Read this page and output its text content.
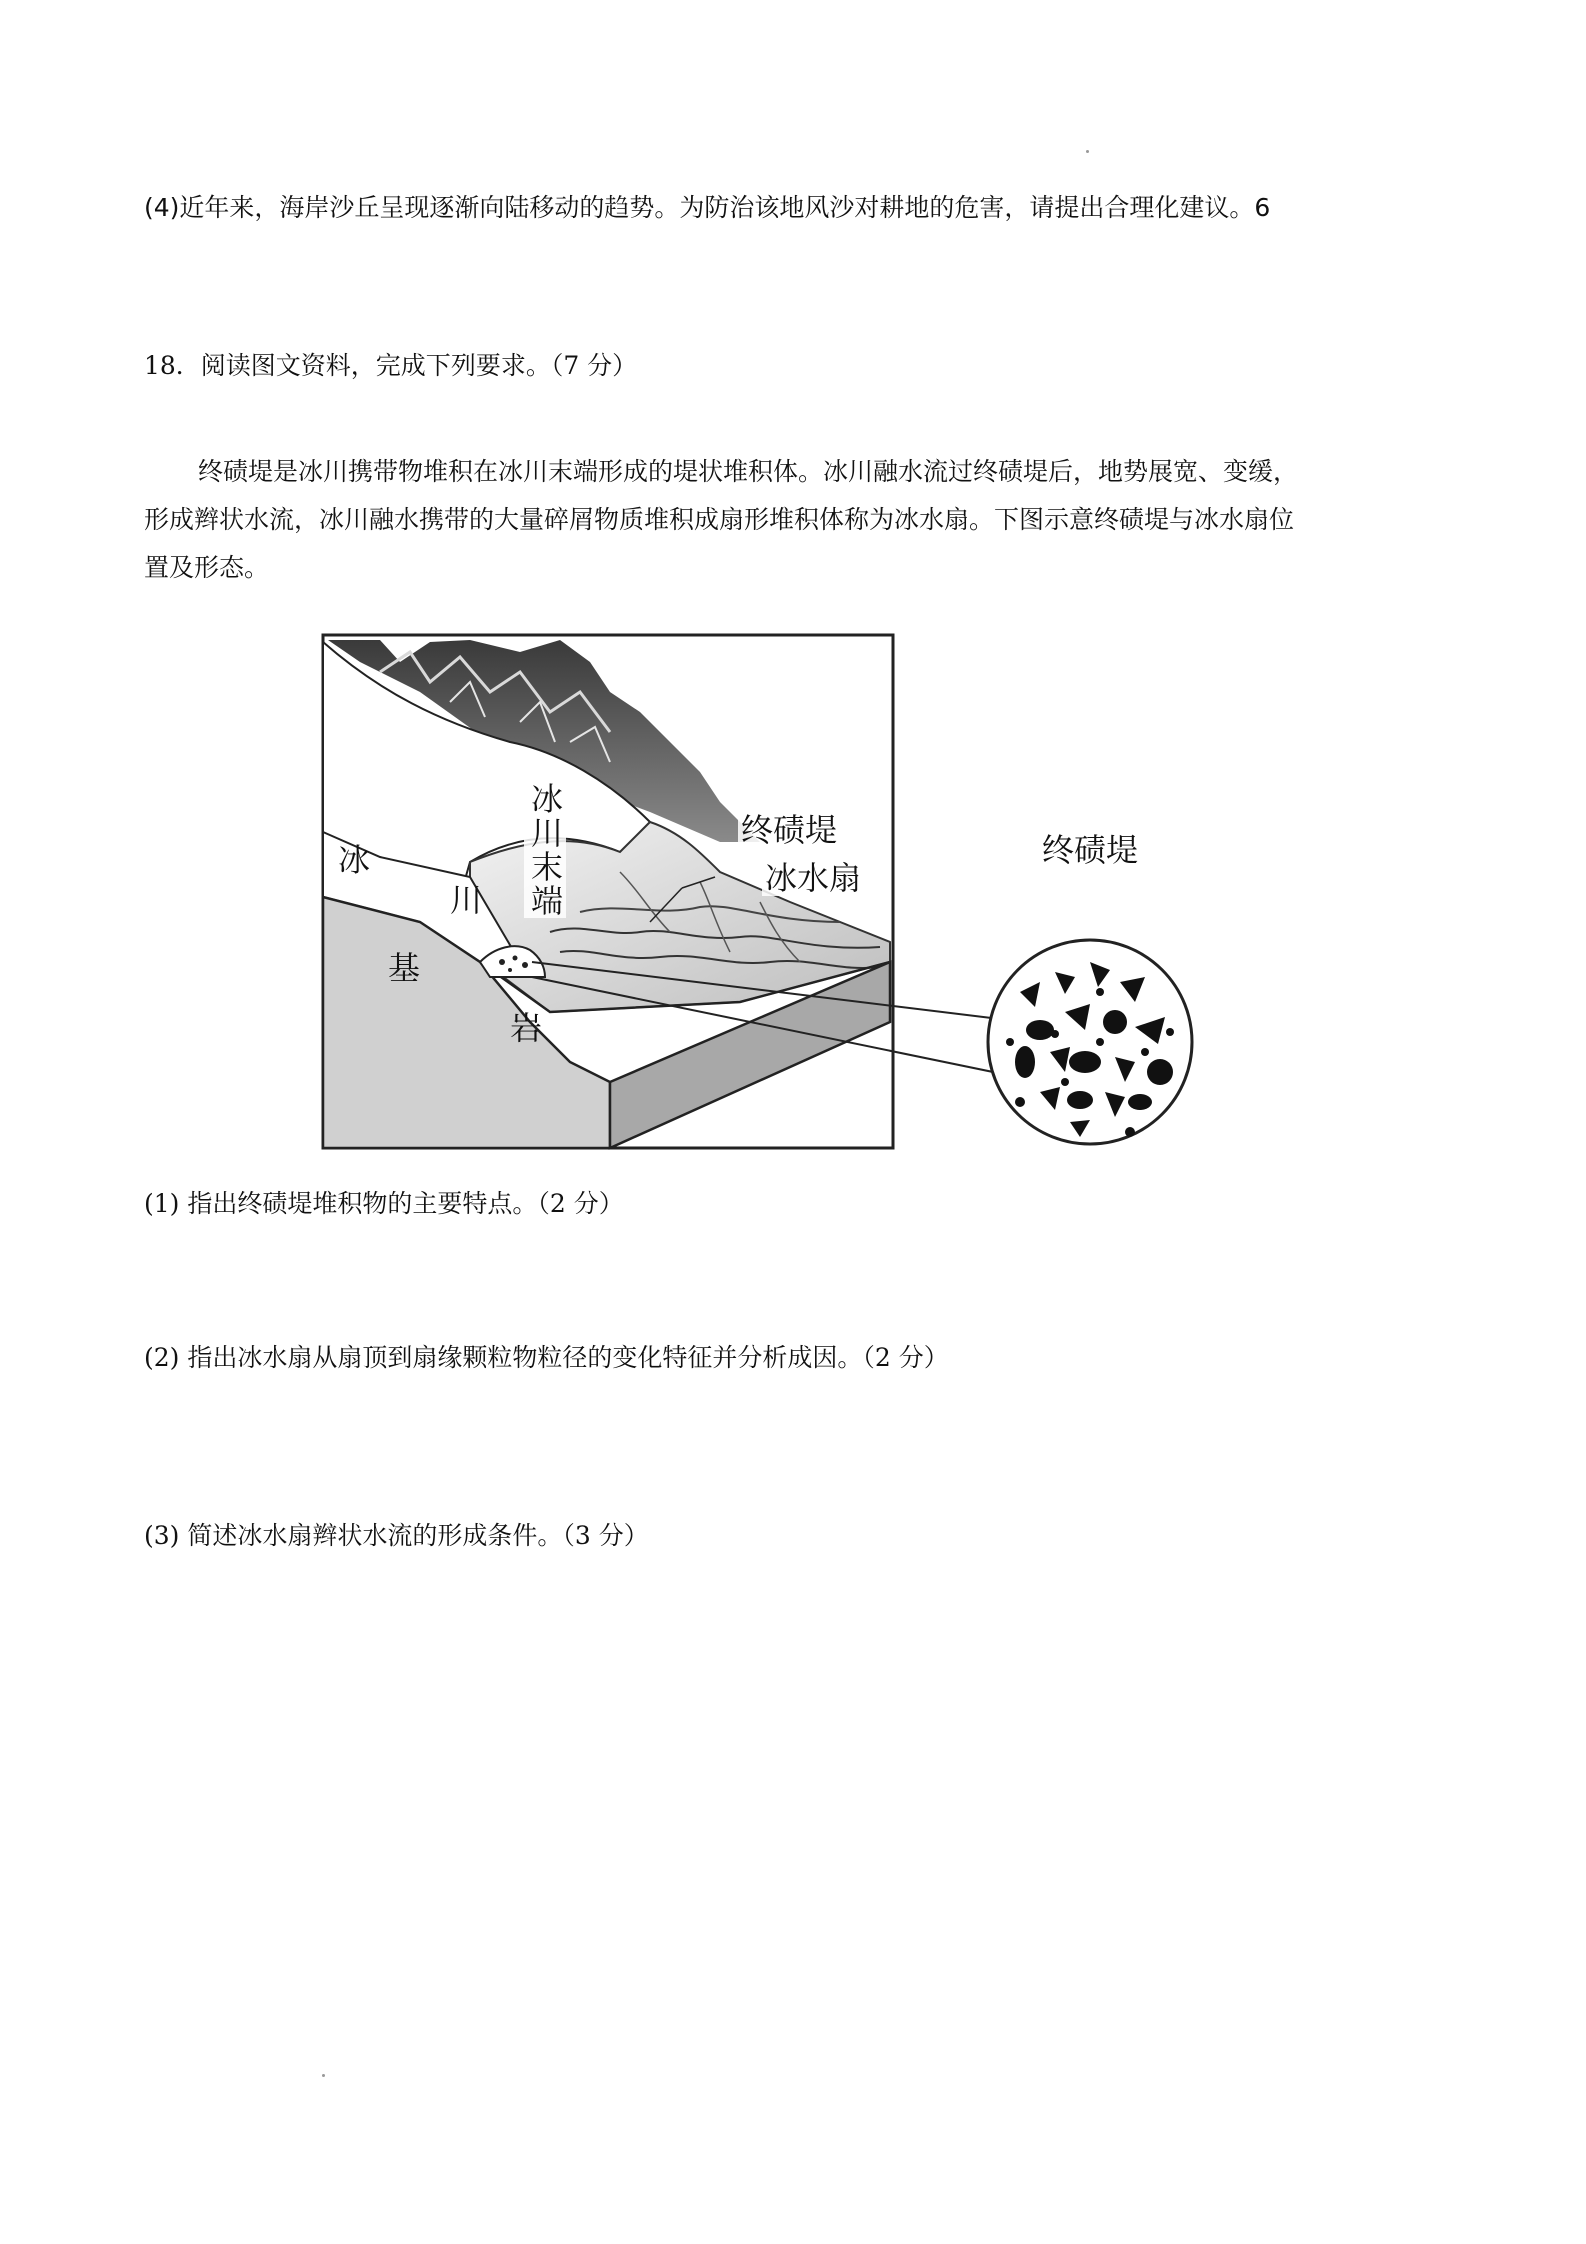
(4)近年来，海岸沙丘呈现逐渐向陆移动的趋势。为防治该地风沙对耕地的危害，请提出合理化建议。6
18．阅读图文资料，完成下列要求。（7 分）
终碛堤是冰川携带物堆积在冰川末端形成的堤状堆积体。冰川融水流过终碛堤后，地势展宽、变缓，
形成辫状水流，冰川融水携带的大量碎屑物质堆积成扇形堆积体称为冰水扇。下图示意终碛堤与冰水扇位
置及形态。
冰
川
基
岩
冰川末端	终碛堤
冰水扇
终碛堤
(1) 指出终碛堤堆积物的主要特点。（2 分）
(2) 指出冰水扇从扇顶到扇缘颗粒物粒径的变化特征并分析成因。（2 分）
(3) 简述冰水扇辫状水流的形成条件。（3 分）
